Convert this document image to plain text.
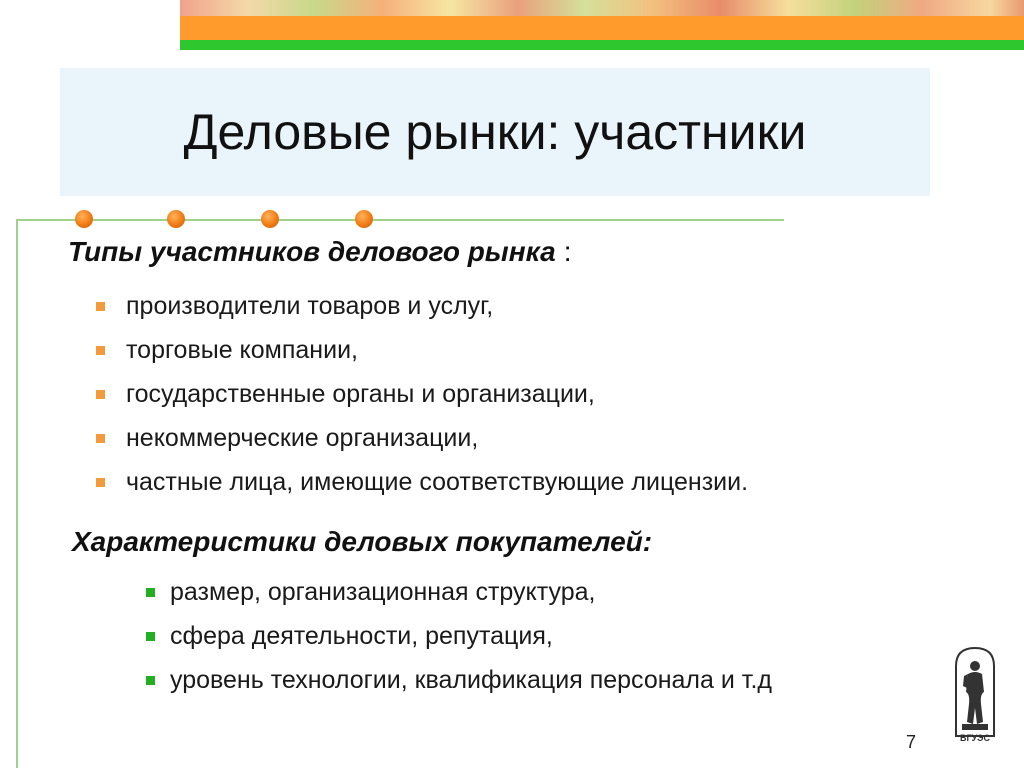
Деловые рынки: участники
Типы участников делового рынка :
производители товаров и услуг,
торговые компании,
государственные органы и организации,
некоммерческие организации,
частные лица, имеющие соответствующие лицензии.
Характеристики деловых покупателей:
размер, организационная структура,
сфера деятельности, репутация,
уровень технологии, квалификация персонала и т.д
ВГУЭС
7
